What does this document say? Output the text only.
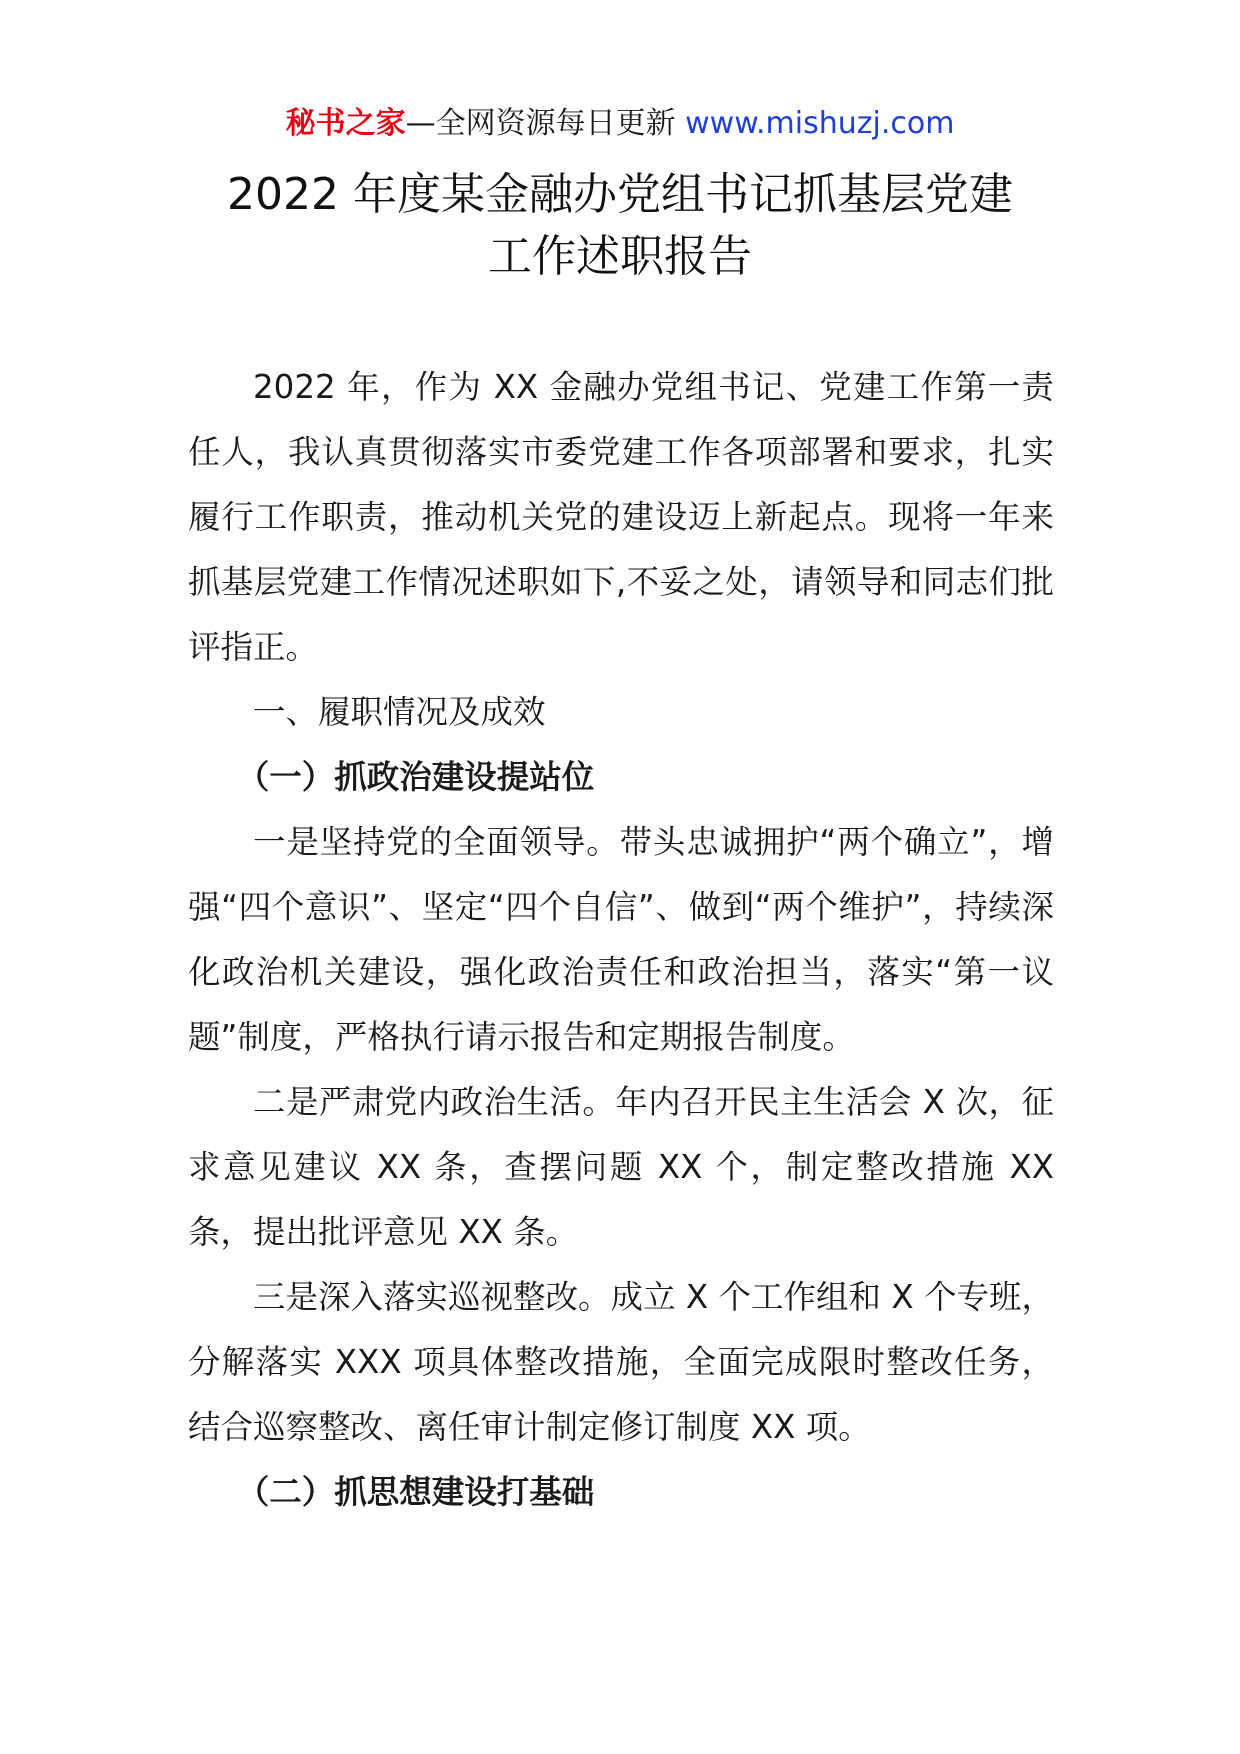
秘书之家—全网资源每日更新 www.mishuzj.com
2022 年度某金融办党组书记抓基层党建
工作述职报告

2022 年，作为 XX 金融办党组书记、党建工作第一责任人，我认真贯彻落实市委党建工作各项部署和要求，扎实履行工作职责，推动机关党的建设迈上新起点。现将一年来抓基层党建工作情况述职如下,不妥之处，请领导和同志们批评指正。

一、履职情况及成效

（一）抓政治建设提站位

一是坚持党的全面领导。带头忠诚拥护“两个确立”，增强“四个意识”、坚定“四个自信”、做到“两个维护”，持续深化政治机关建设，强化政治责任和政治担当，落实“第一议题”制度，严格执行请示报告和定期报告制度。

二是严肃党内政治生活。年内召开民主生活会 X 次，征求意见建议 XX 条，查摆问题 XX 个，制定整改措施 XX 条，提出批评意见 XX 条。

三是深入落实巡视整改。成立 X 个工作组和 X 个专班，分解落实 XXX 项具体整改措施，全面完成限时整改任务，结合巡察整改、离任审计制定修订制度 XX 项。

（二）抓思想建设打基础
